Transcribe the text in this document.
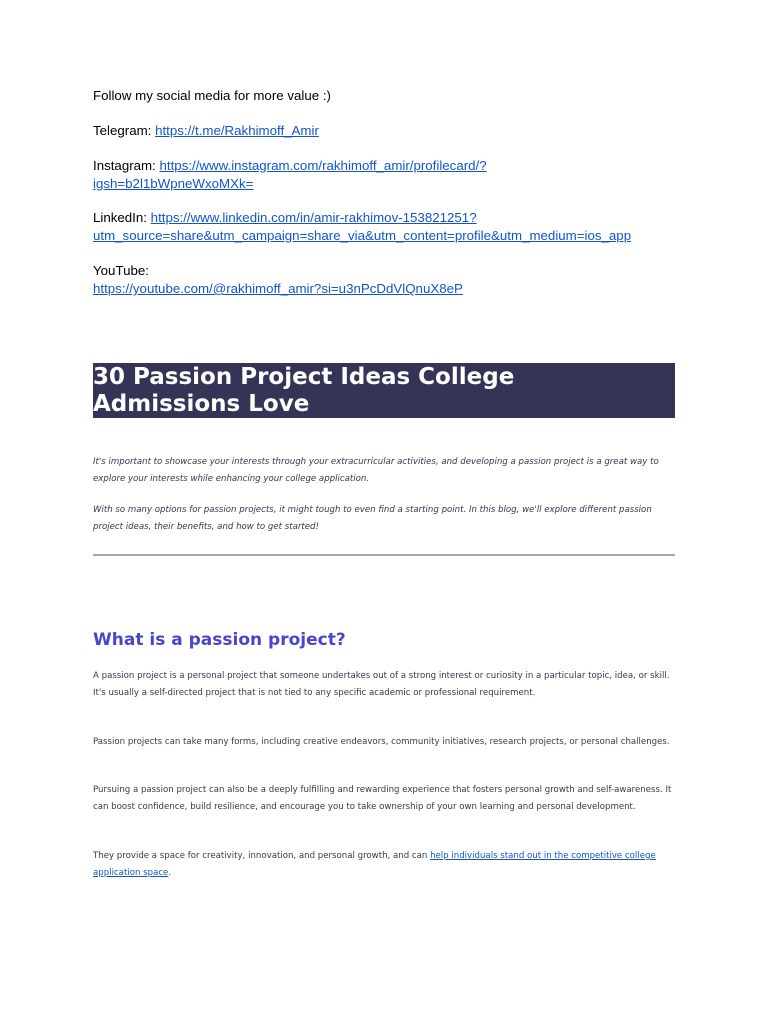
Follow my social media for more value :)

Telegram: https://t.me/Rakhimoff_Amir

Instagram: https://www.instagram.com/rakhimoff_amir/profilecard/?
igsh=b2l1bWpneWxoMXk=

LinkedIn: https://www.linkedin.com/in/amir-rakhimov-153821251?
utm_source=share&utm_campaign=share_via&utm_content=profile&utm_medium=ios_app

YouTube:
https://youtube.com/@rakhimoff_amir?si=u3nPcDdVlQnuX8eP

30 Passion Project Ideas College
Admissions Love

It's important to showcase your interests through your extracurricular activities, and developing a passion project is a great way to explore your interests while enhancing your college application.

With so many options for passion projects, it might tough to even find a starting point. In this blog, we'll explore different passion project ideas, their benefits, and how to get started!

What is a passion project?

A passion project is a personal project that someone undertakes out of a strong interest or curiosity in a particular topic, idea, or skill. It's usually a self-directed project that is not tied to any specific academic or professional requirement.

Passion projects can take many forms, including creative endeavors, community initiatives, research projects, or personal challenges.

Pursuing a passion project can also be a deeply fulfilling and rewarding experience that fosters personal growth and self-awareness. It can boost confidence, build resilience, and encourage you to take ownership of your own learning and personal development.

They provide a space for creativity, innovation, and personal growth, and can help individuals stand out in the competitive college application space.
